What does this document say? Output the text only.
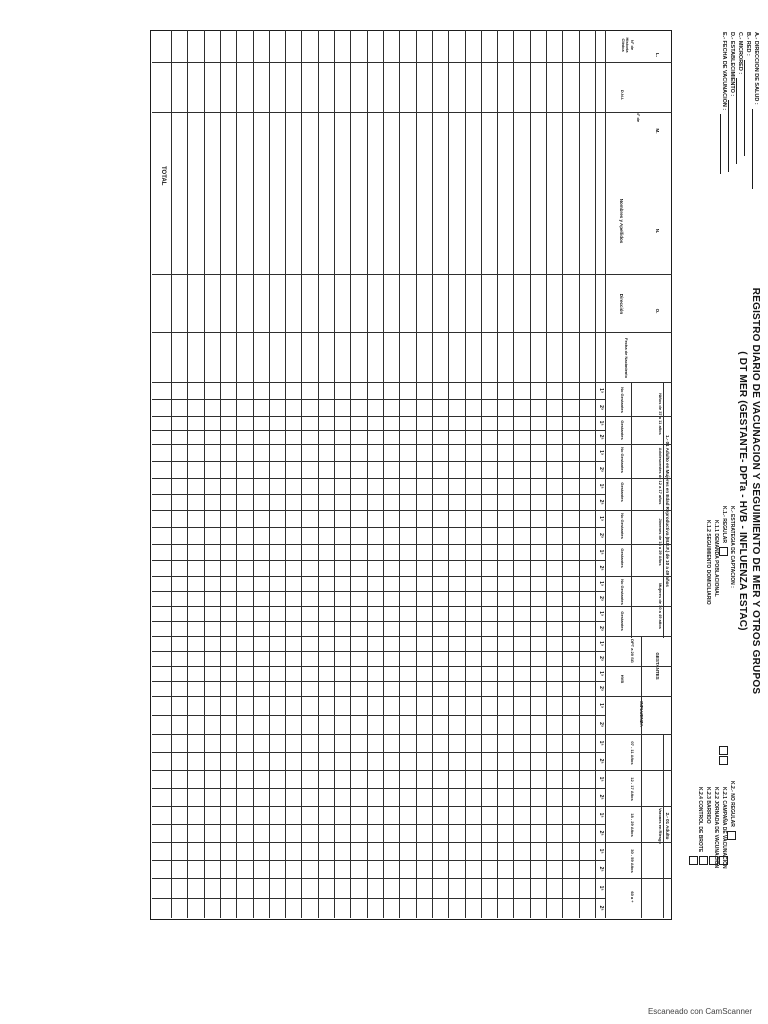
REGISTRO DIARIO DE VACUNACION Y SEGUIMIENTO DE MER Y OTROS GRUPOS
( DT MER (GESTANTE- DPTa - HVB - INFLUENZA ESTAC)
A.- DIRECCION DE SALUD :
B.- RED :
C.- MICRORED :
D.- ESTABLECIMIENTO :
E.- FECHA DE VACUNACION :
K.- ESTRATEGIA DE CAPTACION :
K.1.- REGULAR
K.1.1 DEMANDA POBLACIONAL
K.1.2 SEGUIMIENTO DOMICILIARIO
K.2.- NO REGULAR
K.2.1 CAMPAÑA DE VACUNACION
K.2.2 JORNADA DE VACUNACION
K.2.3 BARRIDO
K.2.4 CONTROL DE BROTE
L.
M.
N.
O.
N° de Historia Clínica
D.N.I.
N° de
Nombres y Apellidos
Dirección
Fecha de Nacimiento
1.- 01 Adulto en Mujeres en Edad Reproductiva (M.E.F.) de 10 a 49 años
Niños de 37 a 11 años
Adolescentes de 12 a 17 años
Jóvenes de 18 a 29 Años
Mujeres de 30 a 49 años
No Gestantes
Gestantes
No Gestantes
Gestantes
No Gestantes
Gestantes
No Gestantes
Gestantes
GESTANTES
DPT a 20 SG
HVB
INFLUENZA
2.- 01 Adulto
Varones en Riesgo
07 - 11 Años
12 - 17 Años
18 - 29 Años
30 - 59 Años
60 a +
1ª
2ª
1ª
2ª
1ª
2ª
1ª
2ª
1ª
2ª
1ª
2ª
1ª
2ª
1ª
2ª
1ª
2ª
1ª
2ª
1ª
2ª
1ª
2ª
1ª
2ª
1ª
2ª
1ª
2ª
1ª
2ª
TOTAL
Escaneado con CamScanner
